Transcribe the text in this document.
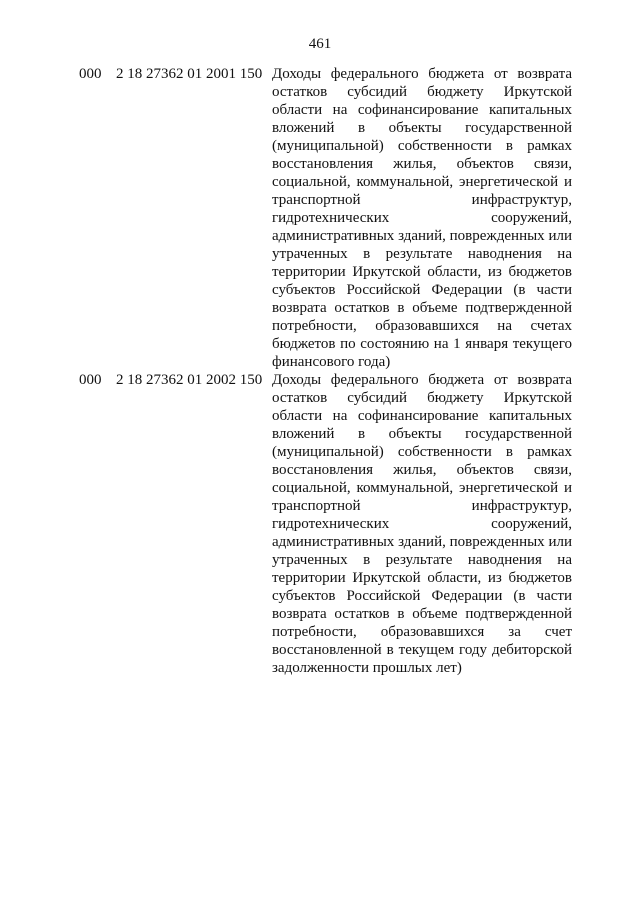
461
000 2 18 27362 01 2001 150 Доходы федерального бюджета от возврата
остатков субсидий бюджету Иркутской
области на софинансирование капитальных
вложений в объекты государственной
(муниципальной) собственности в рамках
восстановления жилья, объектов связи,
социальной, коммунальной, энергетической и
транспортной инфраструктур,
гидротехнических сооружений,
административных зданий, поврежденных или
утраченных в результате наводнения на
территории Иркутской области, из бюджетов
субъектов Российской Федерации (в части
возврата остатков в объеме подтвержденной
потребности, образовавшихся на счетах
бюджетов по состоянию на 1 января текущего
финансового года)
000 2 18 27362 01 2002 150 Доходы федерального бюджета от возврата
остатков субсидий бюджету Иркутской
области на софинансирование капитальных
вложений в объекты государственной
(муниципальной) собственности в рамках
восстановления жилья, объектов связи,
социальной, коммунальной, энергетической и
транспортной инфраструктур,
гидротехнических сооружений,
административных зданий, поврежденных или
утраченных в результате наводнения на
территории Иркутской области, из бюджетов
субъектов Российской Федерации (в части
возврата остатков в объеме подтвержденной
потребности, образовавшихся за счет
восстановленной в текущем году дебиторской
задолженности прошлых лет)
